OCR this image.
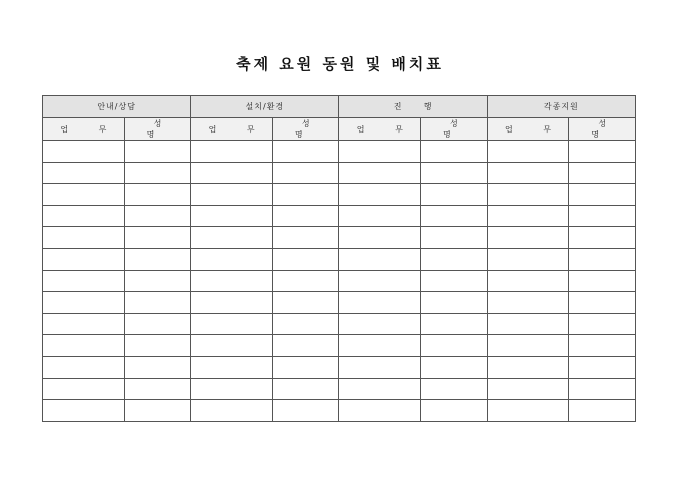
축제 요원 동원 및 배치표
안내/상담		설치/환경		진      행		각종지원	
업 무	성 명	업 무	성 명	업 무	성 명	업 무	성 명
